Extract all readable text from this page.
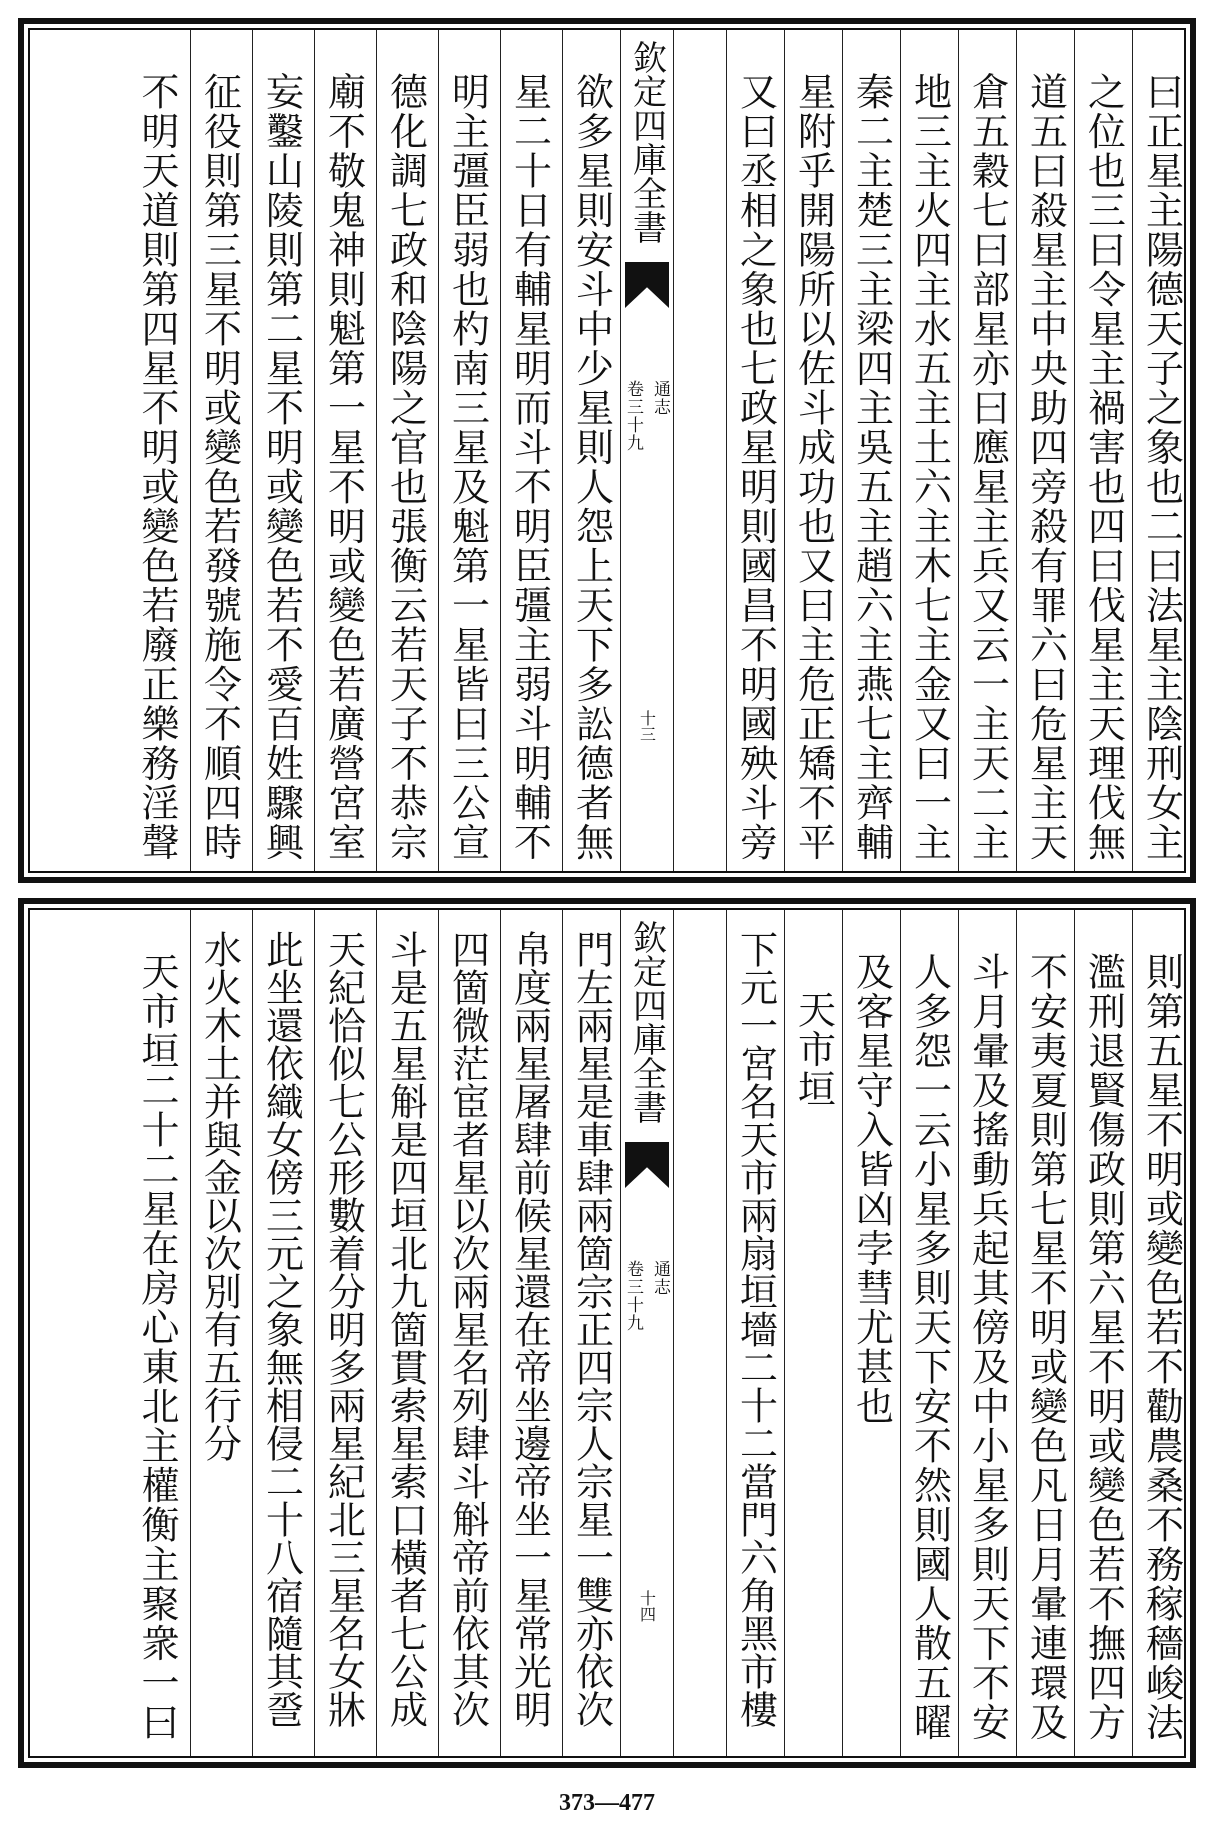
曰正星主陽德天子之象也二曰法星主陰刑女主
之位也三曰令星主禍害也四曰伐星主天理伐無
道五曰殺星主中央助四旁殺有罪六曰危星主天
倉五穀七曰部星亦曰應星主兵又云一主天二主
地三主火四主水五主土六主木七主金又曰一主
秦二主楚三主梁四主吳五主趙六主燕七主齊輔
星附乎開陽所以佐斗成功也又曰主危正矯不平
又曰丞相之象也七政星明則國昌不明國殃斗旁
欽定四庫全書
通志
卷三十九
十三
欲多星則安斗中少星則人怨上天下多訟德者無
星二十日有輔星明而斗不明臣彊主弱斗明輔不
明主彊臣弱也杓南三星及魁第一星皆曰三公宣
德化調七政和陰陽之官也張衡云若天子不恭宗
廟不敬鬼神則魁第一星不明或變色若廣營宮室
妄鑿山陵則第二星不明或變色若不愛百姓驟興
征役則第三星不明或變色若發號施令不順四時
不明天道則第四星不明或變色若廢正樂務淫聲
則第五星不明或變色若不勸農桑不務稼穡峻法
濫刑退賢傷政則第六星不明或變色若不撫四方
不安夷夏則第七星不明或變色凡日月暈連環及
斗月暈及搖動兵起其傍及中小星多則天下不安
人多怨一云小星多則天下安不然則國人散五曜
及客星守入皆凶孛彗尤甚也
天市垣
下元一宮名天市兩扇垣墻二十二當門六角黑市樓
欽定四庫全書
通志
卷三十九
十四
門左兩星是車肆兩箇宗正四宗人宗星一雙亦依次
帛度兩星屠肆前候星還在帝坐邊帝坐一星常光明
四箇微茫宦者星以次兩星名列肆斗斛帝前依其次
斗是五星斛是四垣北九箇貫索星索口橫者七公成
天紀恰似七公形數着分明多兩星紀北三星名女牀
此坐還依織女傍三元之象無相侵二十八宿隨其巹
水火木土并與金以次別有五行分
天市垣二十二星在房心東北主權衡主聚衆一曰
373—477
